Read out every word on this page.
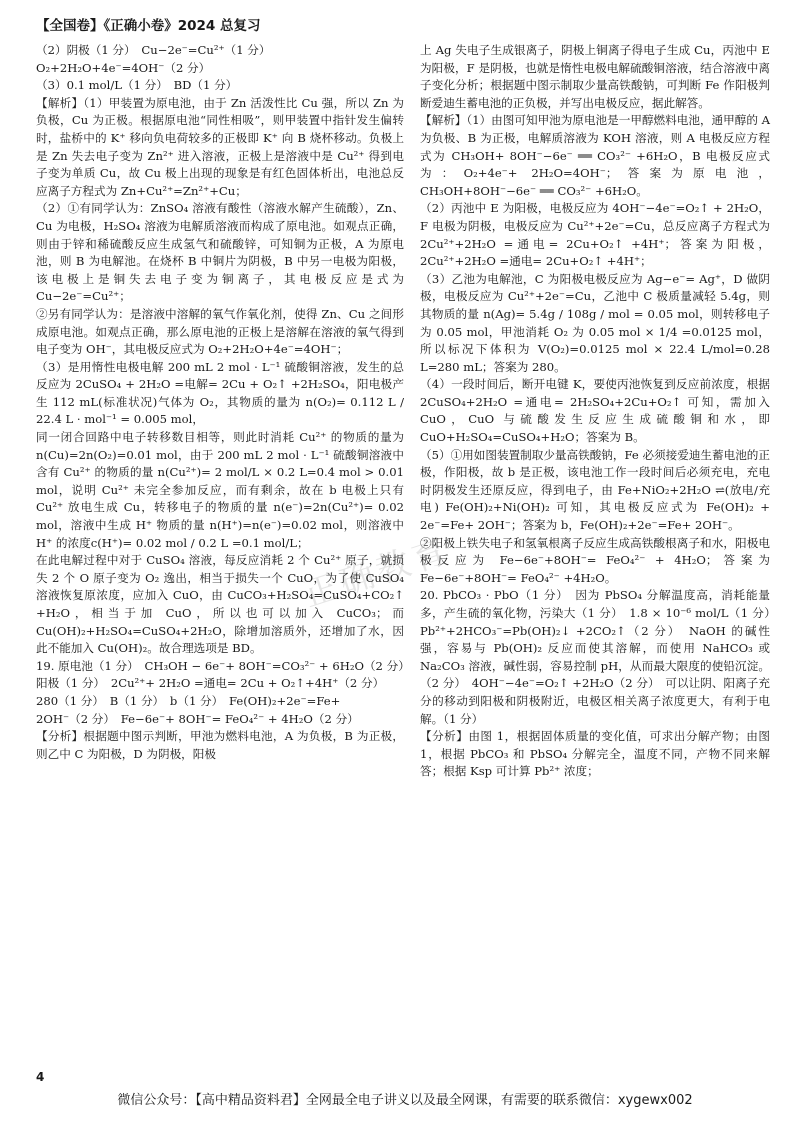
【全国卷】《正确小卷》2024 总复习
正确教育

（2）阴极（1 分）　Cu−2e⁻=Cu²⁺（1 分）

O₂+2H₂O+4e⁻=4OH⁻（2 分）

（3）0.1 mol/L（1 分）　BD（1 分）

【解析】（1）甲装置为原电池，由于 Zn 活泼性比 Cu 强，所以 Zn 为负极，Cu 为正极。根据原电池“同性相吸”，则甲装置中指针发生偏转时，盐桥中的 K⁺ 移向负电荷较多的正极即 K⁺ 向 B 烧杯移动。负极上是 Zn 失去电子变为 Zn²⁺ 进入溶液，正极上是溶液中是 Cu²⁺ 得到电子变为单质 Cu，故 Cu 极上出现的现象是有红色固体析出，电池总反应离子方程式为 Zn+Cu²⁺=Zn²⁺+Cu；

（2）①有同学认为：ZnSO₄ 溶液有酸性（溶液水解产生硫酸），Zn、Cu 为电极，H₂SO₄ 溶液为电解质溶液而构成了原电池。如观点正确，则由于锌和稀硫酸反应生成氢气和硫酸锌，可知铜为正极，A 为原电池，则 B 为电解池。在烧杯 B 中铜片为阴极，B 中另一电极为阳极，该电极上是铜失去电子变为铜离子，其电极反应是式为 Cu−2e⁻=Cu²⁺；

②另有同学认为：是溶液中溶解的氧气作氧化剂，使得 Zn、Cu 之间形成原电池。如观点正确，那么原电池的正极上是溶解在溶液的氧气得到电子变为 OH⁻，其电极反应式为 O₂+2H₂O+4e⁻=4OH⁻；

（3）是用惰性电极电解 200 mL 2 mol · L⁻¹ 硫酸铜溶液，发生的总反应为 2CuSO₄ + 2H₂O =电解= 2Cu + O₂↑ +2H₂SO₄，阳电极产生 112 mL(标准状况)气体为 O₂，其物质的量为 n(O₂)= 0.112 L / 22.4 L · mol⁻¹ = 0.005 mol，

同一闭合回路中电子转移数目相等，则此时消耗 Cu²⁺ 的物质的量为 n(Cu)=2n(O₂)=0.01 mol，由于 200 mL 2 mol · L⁻¹ 硫酸铜溶液中含有 Cu²⁺ 的物质的量 n(Cu²⁺)= 2 mol/L × 0.2 L=0.4 mol > 0.01 mol，说明 Cu²⁺ 未完全参加反应，而有剩余，故在 b 电极上只有 Cu²⁺ 放电生成 Cu，转移电子的物质的量 n(e⁻)=2n(Cu²⁺)= 0.02 mol，溶液中生成 H⁺ 物质的量 n(H⁺)=n(e⁻)=0.02 mol，则溶液中 H⁺ 的浓度c(H⁺)= 0.02 mol / 0.2 L =0.1 mol/L；

在此电解过程中对于 CuSO₄ 溶液，每反应消耗 2 个 Cu²⁺ 原子，就损失 2 个 O 原子变为 O₂ 逸出，相当于损失一个 CuO，为了使 CuSO₄ 溶液恢复原浓度，应加入 CuO，由 CuCO₃+H₂SO₄=CuSO₄+CO₂↑ +H₂O，相当于加 CuO，所以也可以加入 CuCO₃；而 Cu(OH)₂+H₂SO₄=CuSO₄+2H₂O，除增加溶质外，还增加了水，因此不能加入 Cu(OH)₂。故合理选项是 BD。

19. 原电池（1 分）　CH₃OH − 6e⁻+ 8OH⁻=CO₃²⁻ + 6H₂O（2 分）

阳极（1 分）　2Cu²⁺+ 2H₂O =通电= 2Cu + O₂↑+4H⁺（2 分）

280（1 分）　B（1 分）　b（1 分）　Fe(OH)₂+2e⁻=Fe+

2OH⁻（2 分）　Fe−6e⁻+ 8OH⁻= FeO₄²⁻ + 4H₂O（2 分）

【分析】根据题中图示判断，甲池为燃料电池，A 为负极，B 为正极，则乙中 C 为阳极，D 为阴极，阳极

上 Ag 失电子生成银离子，阴极上铜离子得电子生成 Cu，丙池中 E 为阳极，F 是阴极，也就是惰性电极电解硫酸铜溶液，结合溶液中离子变化分析；根据题中图示制取少量高铁酸钠，可判断 Fe 作阳极判断爱迪生蓄电池的正负极，并写出电极反应，据此解答。

【解析】（1）由图可知甲池为原电池是一甲醇燃料电池，通甲醇的 A 为负极、B 为正极，电解质溶液为 KOH 溶液，则 A 电极反应方程式为 CH₃OH+ 8OH⁻−6e⁻ ══ CO₃²⁻ +6H₂O，B 电极反应式为：O₂+4e⁻+ 2H₂O=4OH⁻；答案为原电池，CH₃OH+8OH⁻−6e⁻ ══ CO₃²⁻ +6H₂O。

（2）丙池中 E 为阳极，电极反应为 4OH⁻−4e⁻=O₂↑ + 2H₂O，F 电极为阴极，电极反应为 Cu²⁺+2e⁻=Cu，总反应离子方程式为 2Cu²⁺+2H₂O =通电= 2Cu+O₂↑ +4H⁺；答案为阳极，2Cu²⁺+2H₂O =通电= 2Cu+O₂↑ +4H⁺；

（3）乙池为电解池，C 为阳极电极反应为 Ag−e⁻= Ag⁺，D 做阴极，电极反应为 Cu²⁺+2e⁻=Cu，乙池中 C 极质量减轻 5.4g，则其物质的量 n(Ag)= 5.4g / 108g / mol = 0.05 mol，则转移电子为 0.05 mol，甲池消耗 O₂ 为 0.05 mol × 1/4 =0.0125 mol，所以标况下体积为 V(O₂)=0.0125 mol × 22.4 L/mol=0.28 L=280 mL；答案为 280。

（4）一段时间后，断开电键 K，要使丙池恢复到反应前浓度，根据 2CuSO₄+2H₂O =通电= 2H₂SO₄+2Cu+O₂↑ 可知，需加入 CuO，CuO 与硫酸发生反应生成硫酸铜和水，即 CuO+H₂SO₄=CuSO₄+H₂O；答案为 B。

（5）①用如图装置制取少量高铁酸钠，Fe 必须接爱迪生蓄电池的正极，作阳极，故 b 是正极，该电池工作一段时间后必须充电，充电时阴极发生还原反应，得到电子，由 Fe+NiO₂+2H₂O ⇌(放电/充电) Fe(OH)₂+Ni(OH)₂ 可知，其电极反应式为 Fe(OH)₂ + 2e⁻=Fe+ 2OH⁻；答案为 b，Fe(OH)₂+2e⁻=Fe+ 2OH⁻。

②阳极上铁失电子和氢氧根离子反应生成高铁酸根离子和水，阳极电极反应为 Fe−6e⁻+8OH⁻= FeO₄²⁻ + 4H₂O；答案为 Fe−6e⁻+8OH⁻= FeO₄²⁻ +4H₂O。

20. PbCO₃ · PbO（1 分）　因为 PbSO₄ 分解温度高，消耗能量多，产生硫的氧化物，污染大（1 分）　1.8 × 10⁻⁶ mol/L（1 分）　Pb²⁺+2HCO₃⁻=Pb(OH)₂↓ +2CO₂↑（2 分）　NaOH 的碱性强，容易与 Pb(OH)₂ 反应而使其溶解，而使用 NaHCO₃ 或 Na₂CO₃ 溶液，碱性弱，容易控制 pH，从而最大限度的使铅沉淀。（2 分）　4OH⁻−4e⁻=O₂↑ +2H₂O（2 分）　可以让阴、阳离子充分的移动到阳极和阴极附近，电极区相关离子浓度更大，有利于电解。（1 分）

【分析】由图 1，根据固体质量的变化值，可求出分解产物；由图 1，根据 PbCO₃ 和 PbSO₄ 分解完全，温度不同，产物不同来解答；根据 Ksp 可计算 Pb²⁺ 浓度；

4
微信公众号：【高中精品资料君】全网最全电子讲义以及最全网课，有需要的联系微信：xygewx002
